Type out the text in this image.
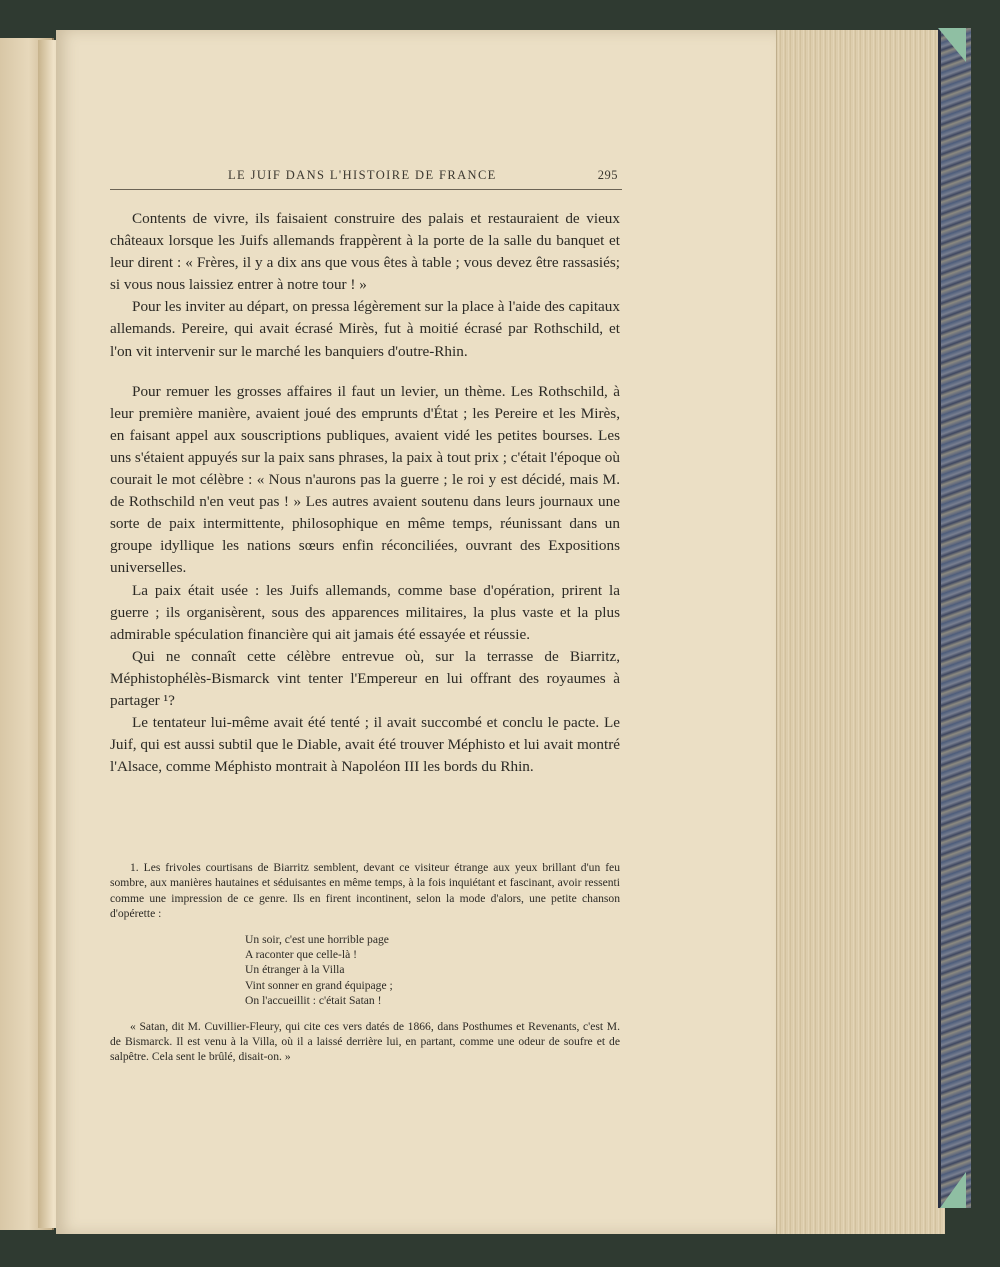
LE JUIF DANS L'HISTOIRE DE FRANCE	295

Contents de vivre, ils faisaient construire des palais et restauraient de vieux châteaux lorsque les Juifs allemands frappèrent à la porte de la salle du banquet et leur dirent : « Frères, il y a dix ans que vous êtes à table ; vous devez être rassasiés; si vous nous laissiez entrer à notre tour ! »

Pour les inviter au départ, on pressa légèrement sur la place à l'aide des capitaux allemands. Pereire, qui avait écrasé Mirès, fut à moitié écrasé par Rothschild, et l'on vit intervenir sur le marché les banquiers d'outre-Rhin.

Pour remuer les grosses affaires il faut un levier, un thème. Les Rothschild, à leur première manière, avaient joué des emprunts d'État ; les Pereire et les Mirès, en faisant appel aux souscriptions publiques, avaient vidé les petites bourses. Les uns s'étaient appuyés sur la paix sans phrases, la paix à tout prix ; c'était l'époque où courait le mot célèbre : « Nous n'aurons pas la guerre ; le roi y est décidé, mais M. de Rothschild n'en veut pas ! » Les autres avaient soutenu dans leurs journaux une sorte de paix intermittente, philosophique en même temps, réunissant dans un groupe idyllique les nations sœurs enfin réconciliées, ouvrant des Expositions universelles.

La paix était usée : les Juifs allemands, comme base d'opération, prirent la guerre ; ils organisèrent, sous des apparences militaires, la plus vaste et la plus admirable spéculation financière qui ait jamais été essayée et réussie.

Qui ne connaît cette célèbre entrevue où, sur la terrasse de Biarritz, Méphistophélès-Bismarck vint tenter l'Empereur en lui offrant des royaumes à partager ¹?

Le tentateur lui-même avait été tenté ; il avait succombé et conclu le pacte. Le Juif, qui est aussi subtil que le Diable, avait été trouver Méphisto et lui avait montré l'Alsace, comme Méphisto montrait à Napoléon III les bords du Rhin.

1. Les frivoles courtisans de Biarritz semblent, devant ce visiteur étrange aux yeux brillant d'un feu sombre, aux manières hautaines et séduisantes en même temps, à la fois inquiétant et fascinant, avoir ressenti comme une impression de ce genre. Ils en firent incontinent, selon la mode d'alors, une petite chanson d'opérette :

Un soir, c'est une horrible page
A raconter que celle-là !
Un étranger à la Villa
Vint sonner en grand équipage ;
On l'accueillit : c'était Satan !

« Satan, dit M. Cuvillier-Fleury, qui cite ces vers datés de 1866, dans Posthumes et Revenants, c'est M. de Bismarck. Il est venu à la Villa, où il a laissé derrière lui, en partant, comme une odeur de soufre et de salpêtre. Cela sent le brûlé, disait-on. »
